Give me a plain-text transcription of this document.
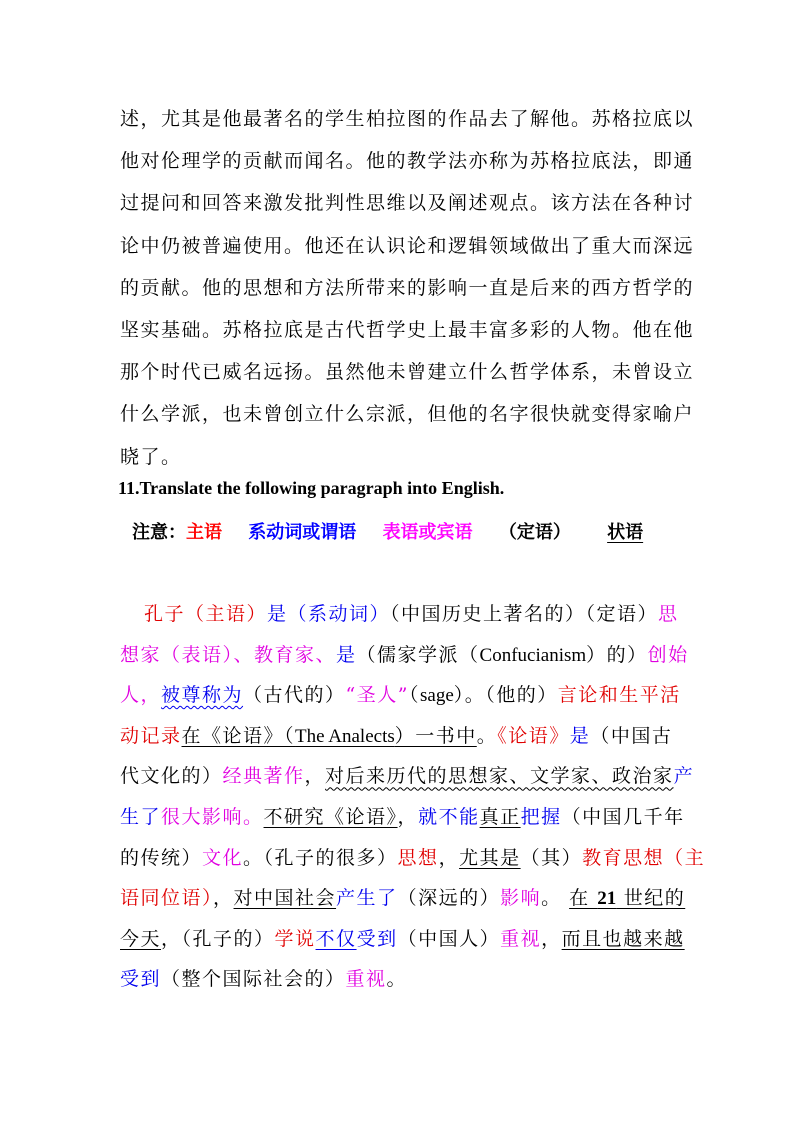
述，尤其是他最著名的学生柏拉图的作品去了解他。苏格拉底以
他对伦理学的贡献而闻名。他的教学法亦称为苏格拉底法，即通
过提问和回答来激发批判性思维以及阐述观点。该方法在各种讨
论中仍被普遍使用。他还在认识论和逻辑领域做出了重大而深远
的贡献。他的思想和方法所带来的影响一直是后来的西方哲学的
坚实基础。苏格拉底是古代哲学史上最丰富多彩的人物。他在他
那个时代已威名远扬。虽然他未曾建立什么哲学体系，未曾设立
什么学派，也未曾创立什么宗派，但他的名字很快就变得家喻户
晓了。
11.Translate the following paragraph into English.
注意：主语 系动词或谓语 表语或宾语 （定语） 状语
孔子（主语）是（系动词）（中国历史上著名的）（定语）思
想家（表语）、教育家、是（儒家学派（Confucianism）的）创始
人，被尊称为（古代的）“圣人”（sage）。（他的）言论和生平活
动记录在《论语》（The Analects）一书中。《论语》是（中国古
代文化的）经典著作，对后来历代的思想家、文学家、政治家产
生了很大影响。不研究《论语》，就不能真正把握（中国几千年
的传统）文化。（孔子的很多）思想，尤其是（其）教育思想（主
语同位语），对中国社会产生了（深远的）影响。 在 21 世纪的
今天，（孔子的）学说不仅受到（中国人）重视，而且也越来越
受到（整个国际社会的）重视。
